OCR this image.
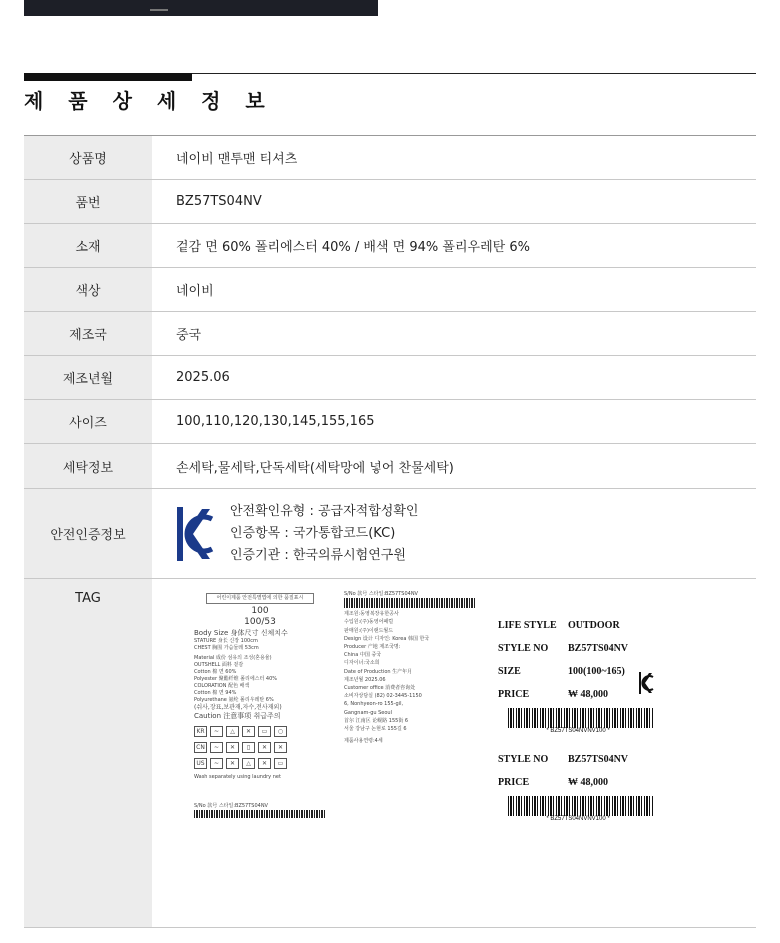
제 품 상 세 정 보
상품명	네이비 맨투맨 티셔츠
품번	BZ57TS04NV
소재	겉감 면 60% 폴리에스터 40% / 배색 면 94% 폴리우레탄 6%
색상	네이비
제조국	중국
제조년월	2025.06
사이즈	100,110,120,130,145,155,165
세탁정보	손세탁,물세탁,단독세탁(세탁망에 넣어 찬물세탁)
안전인증정보	안전확인유형 : 공급자적합성확인
인증항목 : 국가통합코드(KC)
인증기관 : 한국의류시험연구원

TAG	
		어린이제품 안전특별법에 의한 품질표시
100
100/53
Body Size 身体尺寸 신체치수
STATURE 身长 신장 100cm
CHEST 胸围 가슴둘레 53cm
Material 成份 섬유의 조성(혼용율)
OUTSHELL 面料 겉감
Cotton 棉 면 60%
Polyester 聚酯纤维 폴리에스터 40%
COLORATION 配色 배색
Cotton 棉 면 94%
Polyurethane 氨纶 폴리우레탄 6%
(쉬사,장표,보관재,자수,전사재외)
Caution 注意事项 취급주의
KR	~	△	✕	▭	○
CN	~	✕	▯	✕	✕
US	~	✕	△	✕	▭
Wash separately using laundry net
S/No 款号 스타일:BZ57TS04NV
S/No 款号 스타일:BZ57TS04NV
제조원:동영복장유한공사
수입원:(주)동영어패럴
판매원:(주)이랜드월드
Design 设计 디자인: Korea 韩国 한국
Producer 产地 제조국명:
China 中国 중국
디자이너:국소희
Date of Production 生产年月
제조년월 2025.06
Customer office 消费者咨询处
소비자상담실 (82) 02-3445-1150
6, Nonhyeon-ro 155-gil,
Gangnam-gu Seoul
首尔 江南区 论岘路 155街 6
서울 강남구 논현로 155길 6
제품사용연령:4세
LIFE STYLE	OUTDOOR
STYLE NO	BZ57TS04NV
SIZE	100(100~165)
PRICE	₩ 48,000
* BZ57TS04NVNV100 *
STYLE NO	BZ57TS04NV
PRICE	₩ 48,000
* BZ57TS04NVNV100 *
